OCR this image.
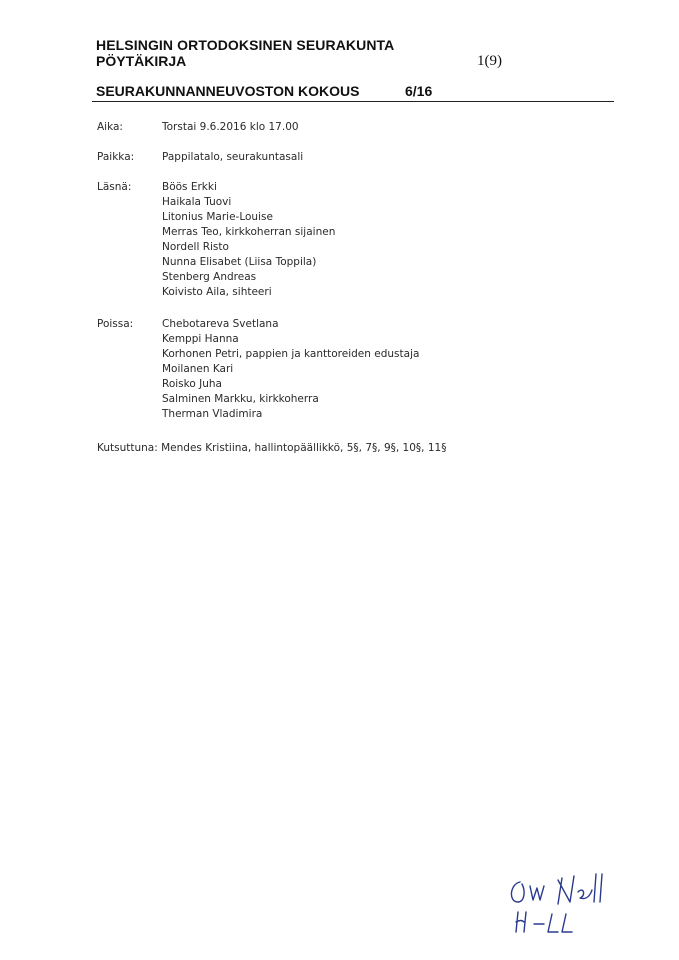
HELSINGIN ORTODOKSINEN SEURAKUNTA
PÖYTÄKIRJA	1(9)
SEURAKUNNANNEUVOSTON KOKOUS	6/16
Aika:	Torstai 9.6.2016 klo 17.00
Paikka:	Pappilatalo, seurakuntasali
Läsnä:	Böös Erkki
Haikala Tuovi
Litonius Marie-Louise
Merras Teo, kirkkoherran sijainen
Nordell Risto
Nunna Elisabet (Liisa Toppila)
Stenberg Andreas
Koivisto Aila, sihteeri
Poissa:	Chebotareva Svetlana
Kemppi Hanna
Korhonen Petri, pappien ja kanttoreiden edustaja
Moilanen Kari
Roisko Juha
Salminen Markku, kirkkoherra
Therman Vladimira
Kutsuttuna: Mendes Kristiina, hallintopäällikkö, 5§, 7§, 9§, 10§, 11§
